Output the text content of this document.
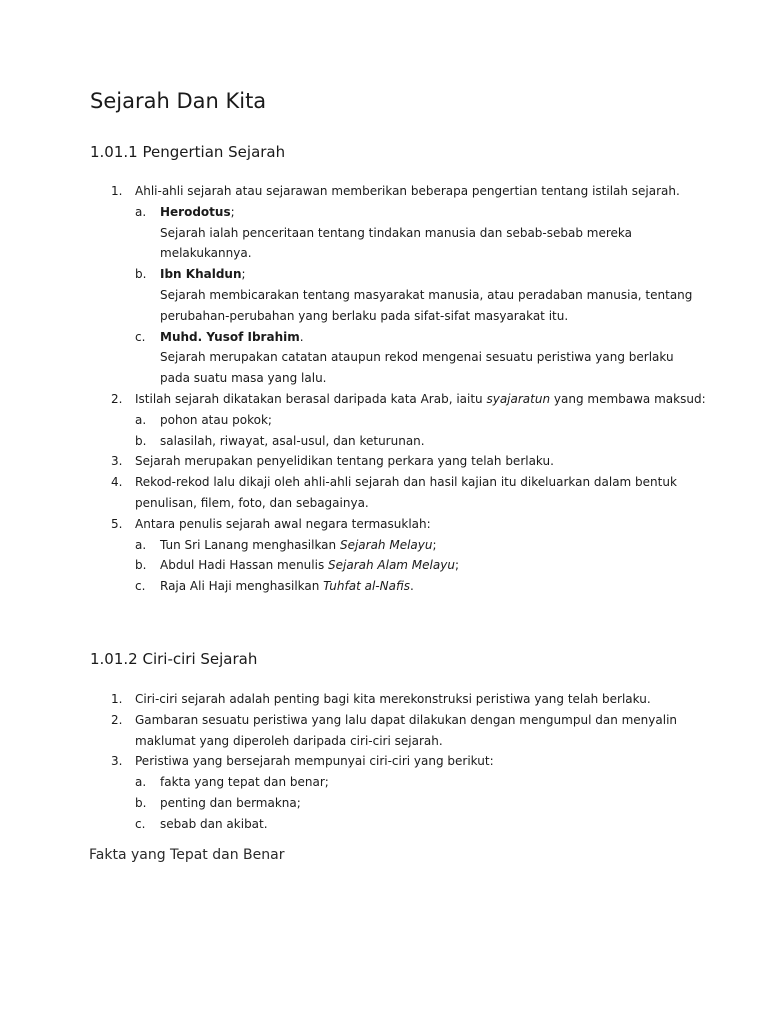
Sejarah Dan Kita
1.01.1 Pengertian Sejarah
1. Ahli-ahli sejarah atau sejarawan memberikan beberapa pengertian tentang istilah sejarah.
a. Herodotus;
Sejarah ialah penceritaan tentang tindakan manusia dan sebab-sebab mereka
melakukannya.
b. Ibn Khaldun;
Sejarah membicarakan tentang masyarakat manusia, atau peradaban manusia, tentang
perubahan-perubahan yang berlaku pada sifat-sifat masyarakat itu.
c. Muhd. Yusof Ibrahim.
Sejarah merupakan catatan ataupun rekod mengenai sesuatu peristiwa yang berlaku
pada suatu masa yang lalu.
2. Istilah sejarah dikatakan berasal daripada kata Arab, iaitu syajaratun yang membawa maksud:
a. pohon atau pokok;
b. salasilah, riwayat, asal-usul, dan keturunan.
3. Sejarah merupakan penyelidikan tentang perkara yang telah berlaku.
4. Rekod-rekod lalu dikaji oleh ahli-ahli sejarah dan hasil kajian itu dikeluarkan dalam bentuk
penulisan, filem, foto, dan sebagainya.
5. Antara penulis sejarah awal negara termasuklah:
a. Tun Sri Lanang menghasilkan Sejarah Melayu;
b. Abdul Hadi Hassan menulis Sejarah Alam Melayu;
c. Raja Ali Haji menghasilkan Tuhfat al-Nafis.
1.01.2 Ciri-ciri Sejarah
1. Ciri-ciri sejarah adalah penting bagi kita merekonstruksi peristiwa yang telah berlaku.
2. Gambaran sesuatu peristiwa yang lalu dapat dilakukan dengan mengumpul dan menyalin
maklumat yang diperoleh daripada ciri-ciri sejarah.
3. Peristiwa yang bersejarah mempunyai ciri-ciri yang berikut:
a. fakta yang tepat dan benar;
b. penting dan bermakna;
c. sebab dan akibat.
Fakta yang Tepat dan Benar
